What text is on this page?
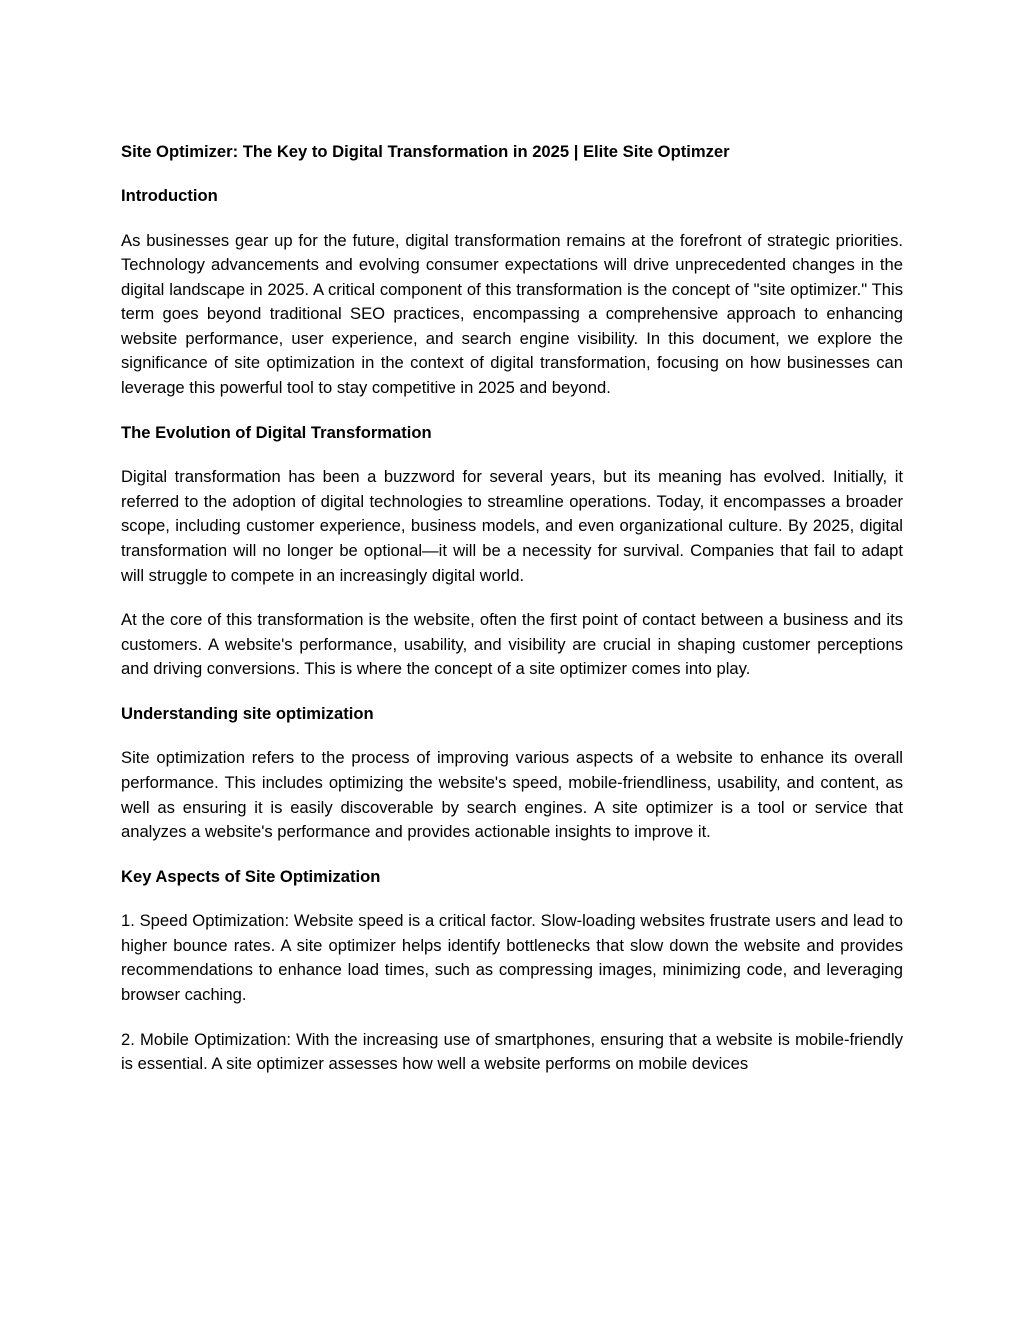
Site Optimizer: The Key to Digital Transformation in 2025 | Elite Site Optimzer
Introduction

As businesses gear up for the future, digital transformation remains at the forefront of strategic priorities. Technology advancements and evolving consumer expectations will drive unprecedented changes in the digital landscape in 2025. A critical component of this transformation is the concept of "site optimizer." This term goes beyond traditional SEO practices, encompassing a comprehensive approach to enhancing website performance, user experience, and search engine visibility. In this document, we explore the significance of site optimization in the context of digital transformation, focusing on how businesses can leverage this powerful tool to stay competitive in 2025 and beyond.

The Evolution of Digital Transformation

Digital transformation has been a buzzword for several years, but its meaning has evolved. Initially, it referred to the adoption of digital technologies to streamline operations. Today, it encompasses a broader scope, including customer experience, business models, and even organizational culture. By 2025, digital transformation will no longer be optional—it will be a necessity for survival. Companies that fail to adapt will struggle to compete in an increasingly digital world.

At the core of this transformation is the website, often the first point of contact between a business and its customers. A website's performance, usability, and visibility are crucial in shaping customer perceptions and driving conversions. This is where the concept of a site optimizer comes into play.

Understanding site optimization

Site optimization refers to the process of improving various aspects of a website to enhance its overall performance. This includes optimizing the website's speed, mobile-friendliness, usability, and content, as well as ensuring it is easily discoverable by search engines. A site optimizer is a tool or service that analyzes a website's performance and provides actionable insights to improve it.

Key Aspects of Site Optimization

1. Speed Optimization: Website speed is a critical factor. Slow-loading websites frustrate users and lead to higher bounce rates. A site optimizer helps identify bottlenecks that slow down the website and provides recommendations to enhance load times, such as compressing images, minimizing code, and leveraging browser caching.

2. Mobile Optimization: With the increasing use of smartphones, ensuring that a website is mobile-friendly is essential. A site optimizer assesses how well a website performs on mobile devices
